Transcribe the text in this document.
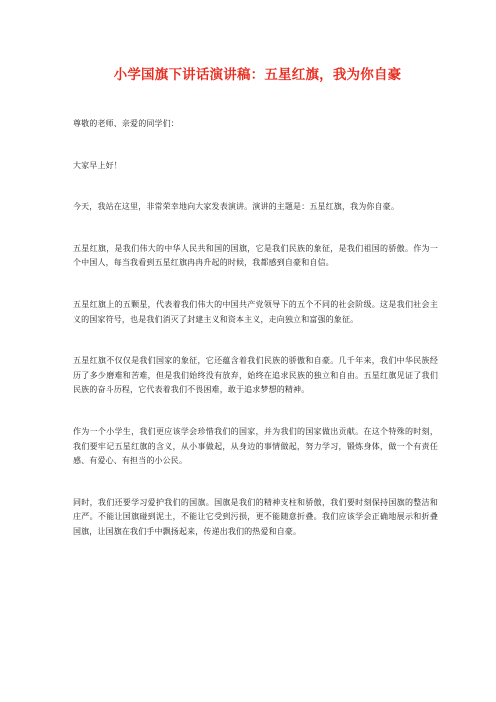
小学国旗下讲话演讲稿：五星红旗，我为你自豪

尊敬的老师、亲爱的同学们：

大家早上好！

今天，我站在这里，非常荣幸地向大家发表演讲。演讲的主题是：五星红旗，我为你自豪。

五星红旗，是我们伟大的中华人民共和国的国旗，它是我们民族的象征，是我们祖国的骄傲。作为一个中国人，每当我看到五星红旗冉冉升起的时候，我都感到自豪和自信。

五星红旗上的五颗星，代表着我们伟大的中国共产党领导下的五个不同的社会阶级。这是我们社会主义的国家符号，也是我们消灭了封建主义和资本主义，走向独立和富强的象征。

五星红旗不仅仅是我们国家的象征，它还蕴含着我们民族的骄傲和自豪。几千年来，我们中华民族经历了多少磨难和苦难，但是我们始终没有放弃，始终在追求民族的独立和自由。五星红旗见证了我们民族的奋斗历程，它代表着我们不畏困难，敢于追求梦想的精神。

作为一个小学生，我们更应该学会珍惜我们的国家，并为我们的国家做出贡献。在这个特殊的时刻，我们要牢记五星红旗的含义，从小事做起，从身边的事情做起，努力学习，锻炼身体，做一个有责任感、有爱心、有担当的小公民。

同时，我们还要学习爱护我们的国旗。国旗是我们的精神支柱和骄傲，我们要时刻保持国旗的整洁和庄严。不能让国旗碰到泥土，不能让它受到污损，更不能随意折叠。我们应该学会正确地展示和折叠国旗，让国旗在我们手中飘扬起来，传递出我们的热爱和自豪。
